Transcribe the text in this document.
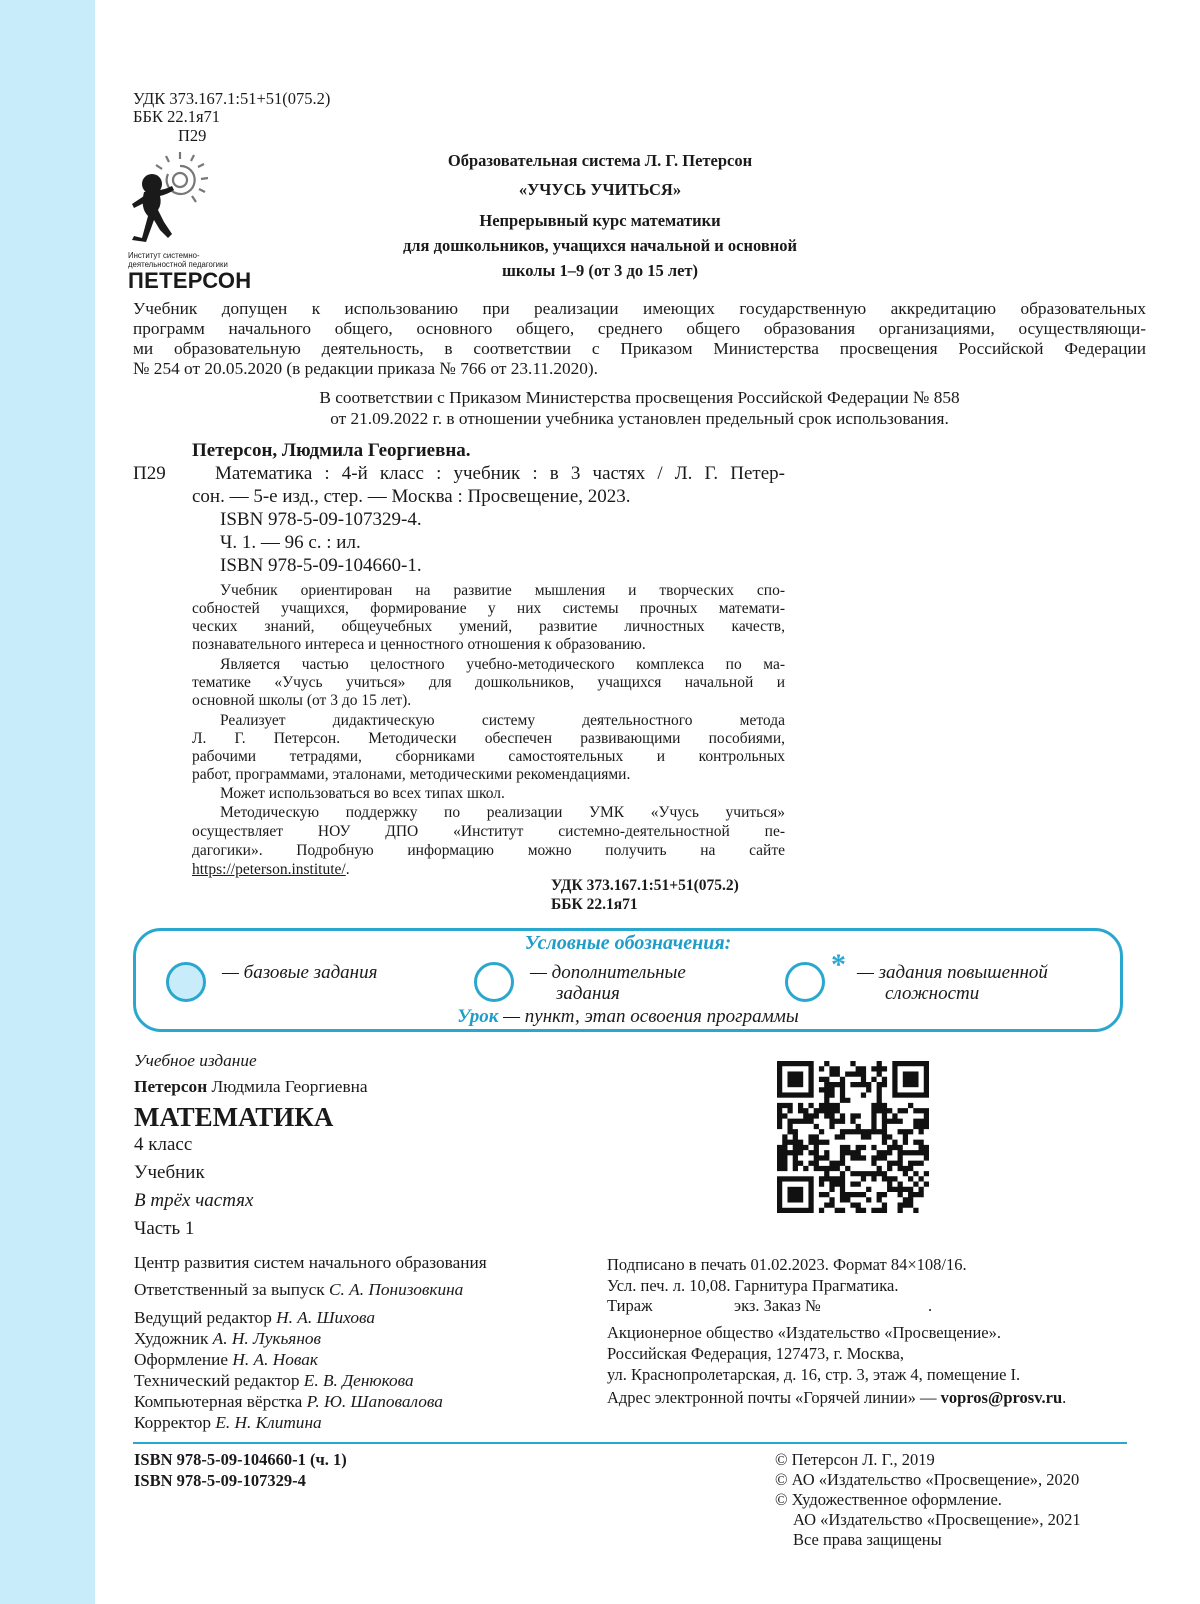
УДК 373.167.1:51+51(075.2)
ББК 22.1я71
П29
Институт системно-
деятельностной педагогики
ПЕТЕРСОН
Образовательная система Л. Г. Петерсон
«УЧУСЬ УЧИТЬСЯ»
Непрерывный курс математики
для дошкольников, учащихся начальной и основной
школы 1–9 (от 3 до 15 лет)
Учебник допущен к использованию при реализации имеющих государственную аккредитацию образовательных
программ начального общего, основного общего, среднего общего образования организациями, осуществляющи-
ми образовательную деятельность, в соответствии с Приказом Министерства просвещения Российской Федерации
№ 254 от 20.05.2020 (в редакции приказа № 766 от 23.11.2020).
В соответствии с Приказом Министерства просвещения Российской Федерации № 858
от 21.09.2022 г. в отношении учебника установлен предельный срок использования.
Петерсон, Людмила Георгиевна.
П29	Математика : 4-й класс : учебник : в 3 частях / Л. Г. Петер-
сон. — 5-е изд., стер. — Москва : Просвещение, 2023.
ISBN 978-5-09-107329-4.
Ч. 1. — 96 с. : ил.
ISBN 978-5-09-104660-1.
Учебник ориентирован на развитие мышления и творческих спо-
собностей учащихся, формирование у них системы прочных математи-
ческих знаний, общеучебных умений, развитие личностных качеств,
познавательного интереса и ценностного отношения к образованию.
Является частью целостного учебно-методического комплекса по ма-
тематике «Учусь учиться» для дошкольников, учащихся начальной и
основной школы (от 3 до 15 лет).
Реализует дидактическую систему деятельностного метода
Л. Г. Петерсон. Методически обеспечен развивающими пособиями,
рабочими тетрадями, сборниками самостоятельных и контрольных
работ, программами, эталонами, методическими рекомендациями.
Может использоваться во всех типах школ.
Методическую поддержку по реализации УМК «Учусь учиться»
осуществляет НОУ ДПО «Институт системно-деятельностной пе-
дагогики». Подробную информацию можно получить на сайте
https://peterson.institute/.
УДК 373.167.1:51+51(075.2)
ББК 22.1я71
Условные обозначения:
— базовые задания	— дополнительные
задания
* — задания повышенной
сложности
Урок — пункт, этап освоения программы
Учебное издание
Петерсон Людмила Георгиевна
МАТЕМАТИКА
4 класс
Учебник
В трёх частях
Часть 1
Центр развития систем начального образования
Ответственный за выпуск С. А. Понизовкина
Ведущий редактор Н. А. Шихова
Художник А. Н. Лукьянов
Оформление Н. А. Новак
Технический редактор Е. В. Денюкова
Компьютерная вёрстка Р. Ю. Шаповалова
Корректор Е. Н. Клитина
Подписано в печать 01.02.2023. Формат 84×108/16.
Усл. печ. л. 10,08. Гарнитура Прагматика.
Тираж	экз. Заказ №	.
Акционерное общество «Издательство «Просвещение».
Российская Федерация, 127473, г. Москва,
ул. Краснопролетарская, д. 16, стр. 3, этаж 4, помещение I.
Адрес электронной почты «Горячей линии» — vopros@prosv.ru.
ISBN 978-5-09-104660-1 (ч. 1)
ISBN 978-5-09-107329-4
© Петерсон Л. Г., 2019
© АО «Издательство «Просвещение», 2020
© Художественное оформление.
АО «Издательство «Просвещение», 2021
Все права защищены
